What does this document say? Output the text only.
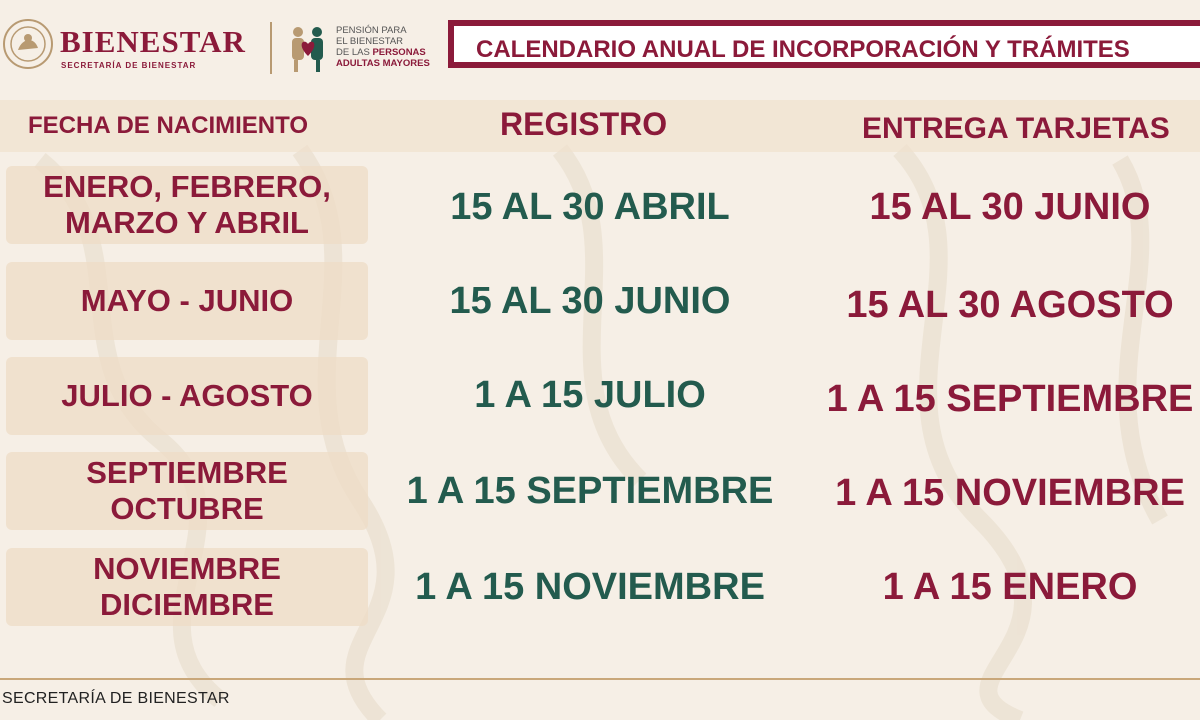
BIENESTAR
SECRETARÍA DE BIENESTAR
PENSIÓN PARA
EL BIENESTAR
DE LAS PERSONAS
ADULTAS MAYORES
CALENDARIO ANUAL DE INCORPORACIÓN Y TRÁMITES
FECHA DE NACIMIENTO	REGISTRO	ENTREGA TARJETAS
ENERO, FEBRERO,
MARZO Y ABRIL	15 AL 30 ABRIL	15 AL 30 JUNIO
MAYO - JUNIO	15 AL 30 JUNIO	15 AL 30 AGOSTO
JULIO - AGOSTO	1 A 15 JULIO	1 A 15 SEPTIEMBRE
SEPTIEMBRE
OCTUBRE	1 A 15 SEPTIEMBRE	1 A 15 NOVIEMBRE
NOVIEMBRE
DICIEMBRE	1 A 15 NOVIEMBRE	1 A 15 ENERO
SECRETARÍA DE BIENESTAR
